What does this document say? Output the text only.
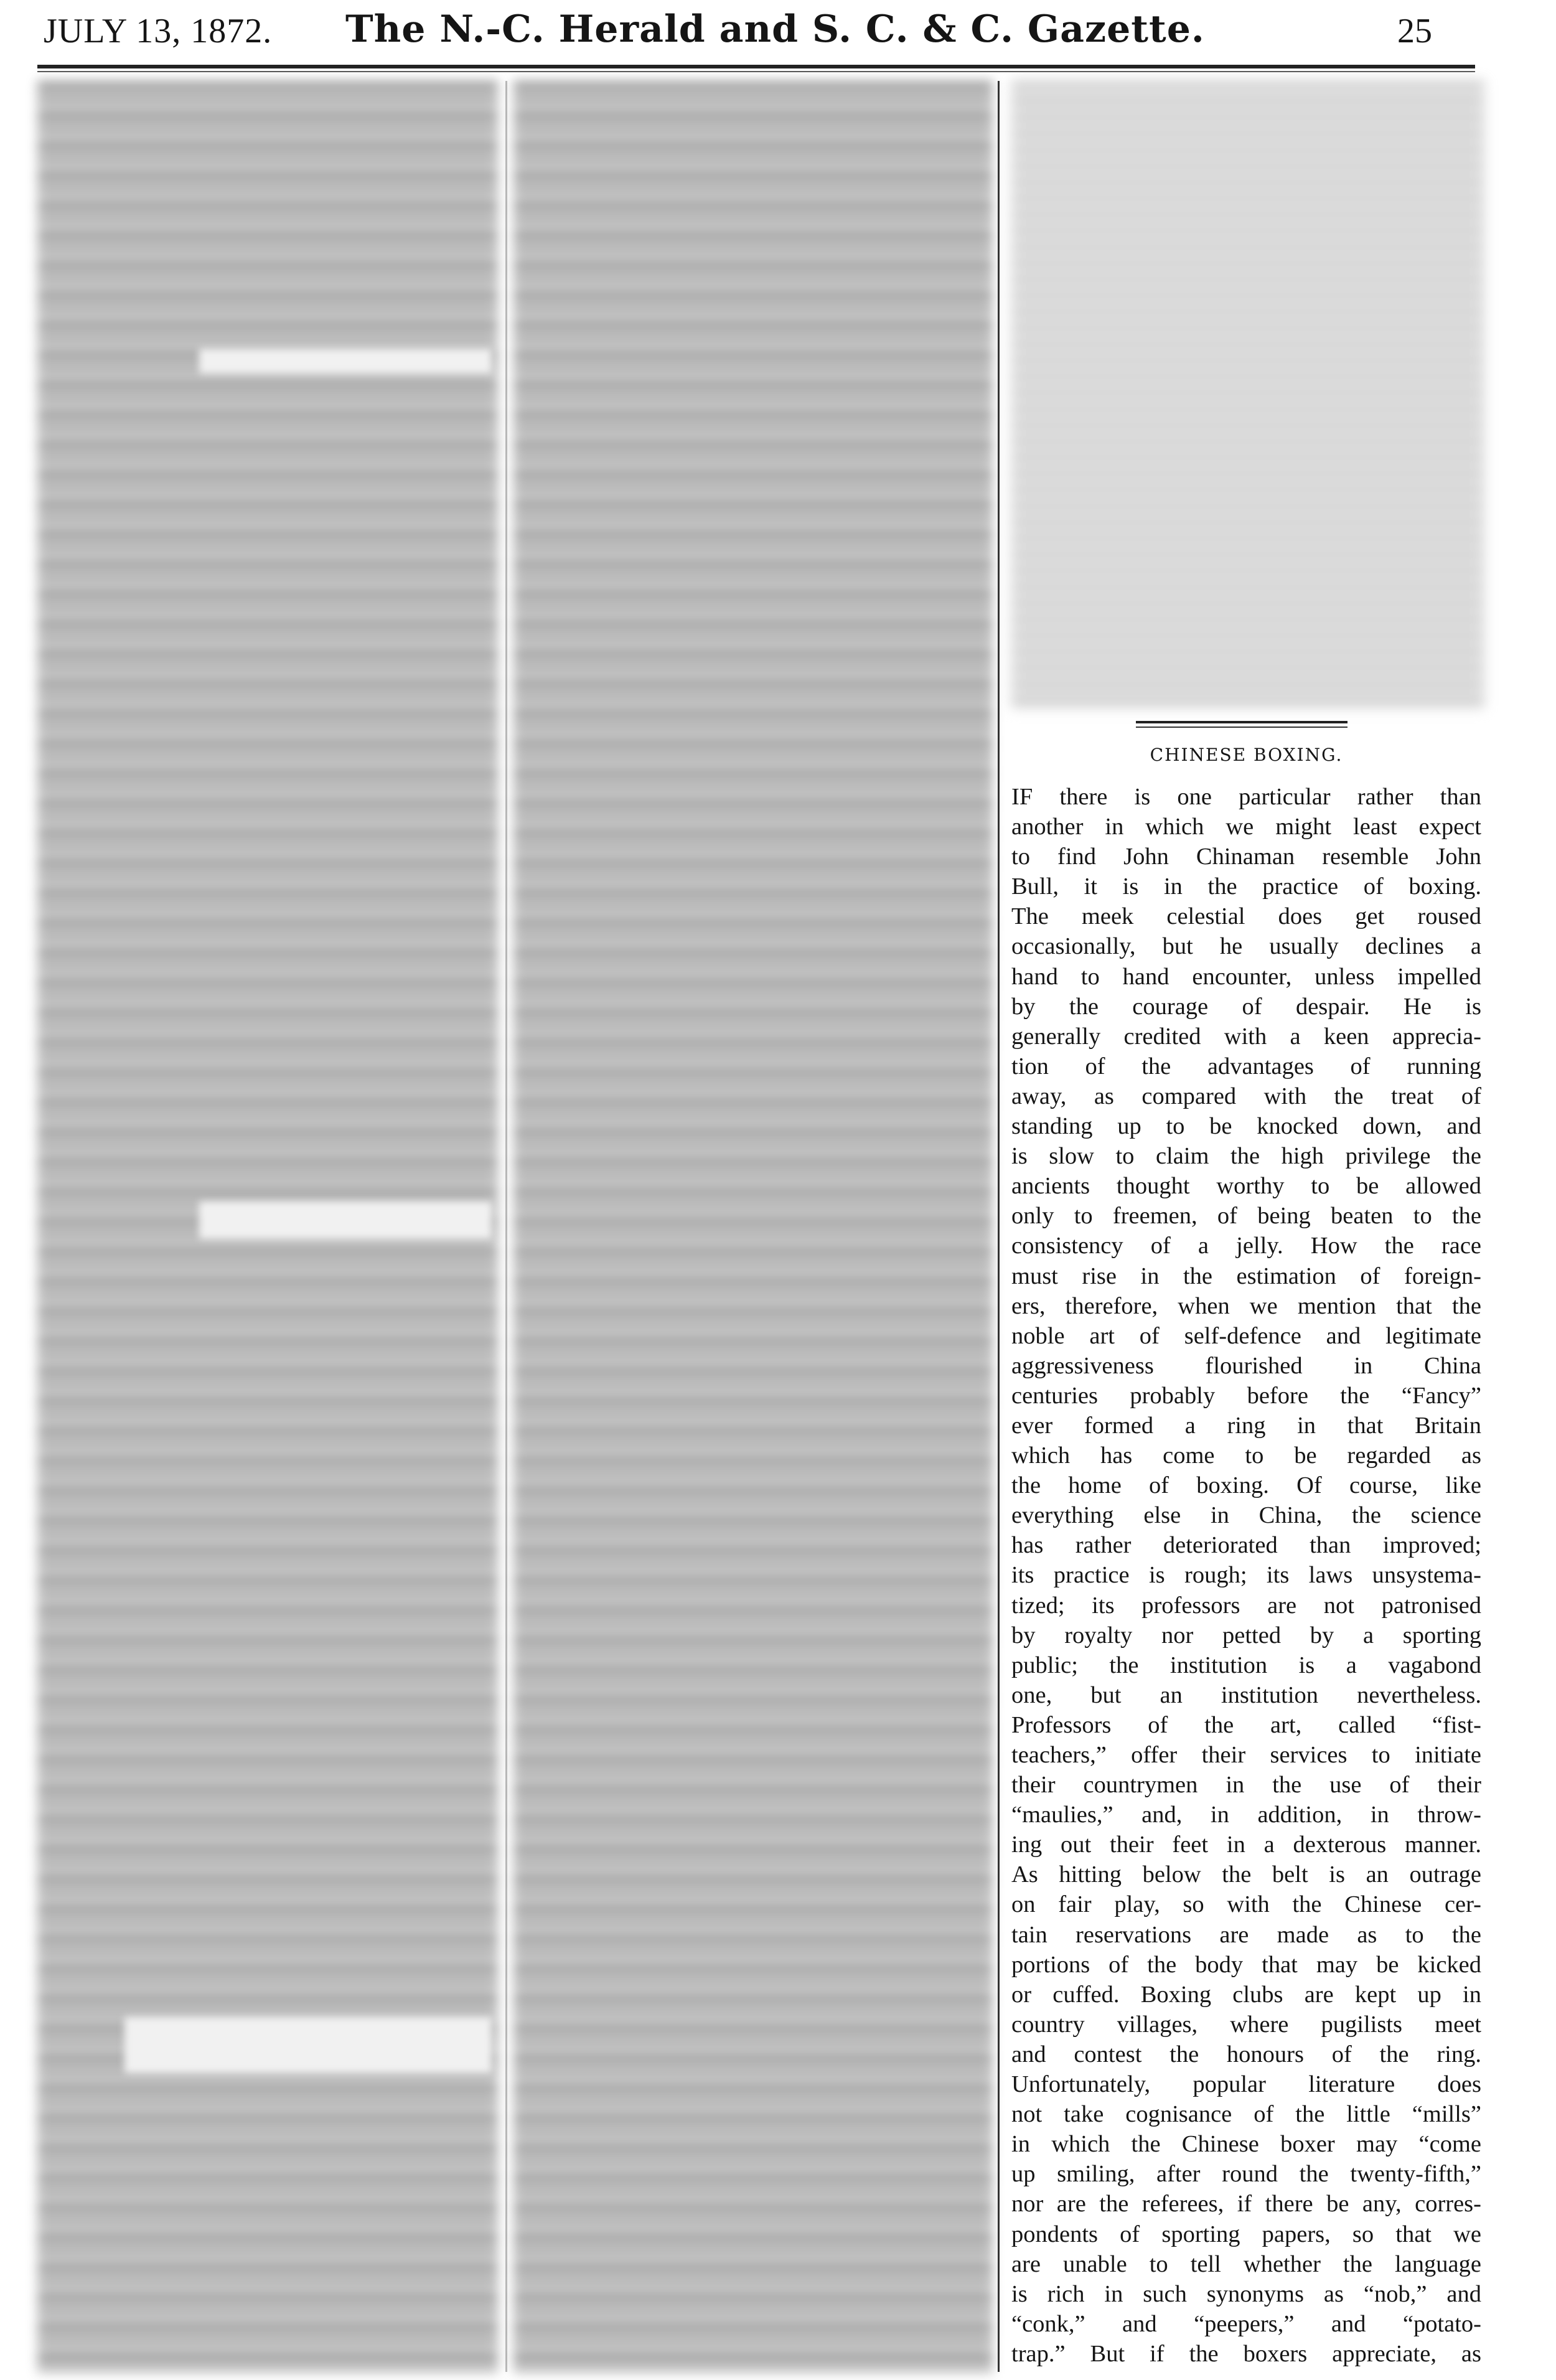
JULY 13, 1872. The N.-C. Herald and S. C. & C. Gazette.	25
CHINESE BOXING.
IF there is one particular rather than
another in which we might least expect
to find John Chinaman resemble John
Bull, it is in the practice of boxing.
The meek celestial does get roused
occasionally, but he usually declines a
hand to hand encounter, unless impelled
by the courage of despair. He is
generally credited with a keen apprecia-
tion of the advantages of running
away, as compared with the treat of
standing up to be knocked down, and
is slow to claim the high privilege the
ancients thought worthy to be allowed
only to freemen, of being beaten to the
consistency of a jelly. How the race
must rise in the estimation of foreign-
ers, therefore, when we mention that the
noble art of self-defence and legitimate
aggressiveness flourished in China
centuries probably before the “Fancy”
ever formed a ring in that Britain
which has come to be regarded as
the home of boxing. Of course, like
everything else in China, the science
has rather deteriorated than improved;
its practice is rough; its laws unsystema-
tized; its professors are not patronised
by royalty nor petted by a sporting
public; the institution is a vagabond
one, but an institution nevertheless.
Professors of the art, called “fist-
teachers,” offer their services to initiate
their countrymen in the use of their
“maulies,” and, in addition, in throw-
ing out their feet in a dexterous manner.
As hitting below the belt is an outrage
on fair play, so with the Chinese cer-
tain reservations are made as to the
portions of the body that may be kicked
or cuffed. Boxing clubs are kept up in
country villages, where pugilists meet
and contest the honours of the ring.
Unfortunately, popular literature does
not take cognisance of the little “mills”
in which the Chinese boxer may “come
up smiling, after round the twenty-fifth,”
nor are the referees, if there be any, corres-
pondents of sporting papers, so that we
are unable to tell whether the language
is rich in such synonyms as “nob,” and
“conk,” and “peepers,” and “potato-
trap.” But if the boxers appreciate, as
